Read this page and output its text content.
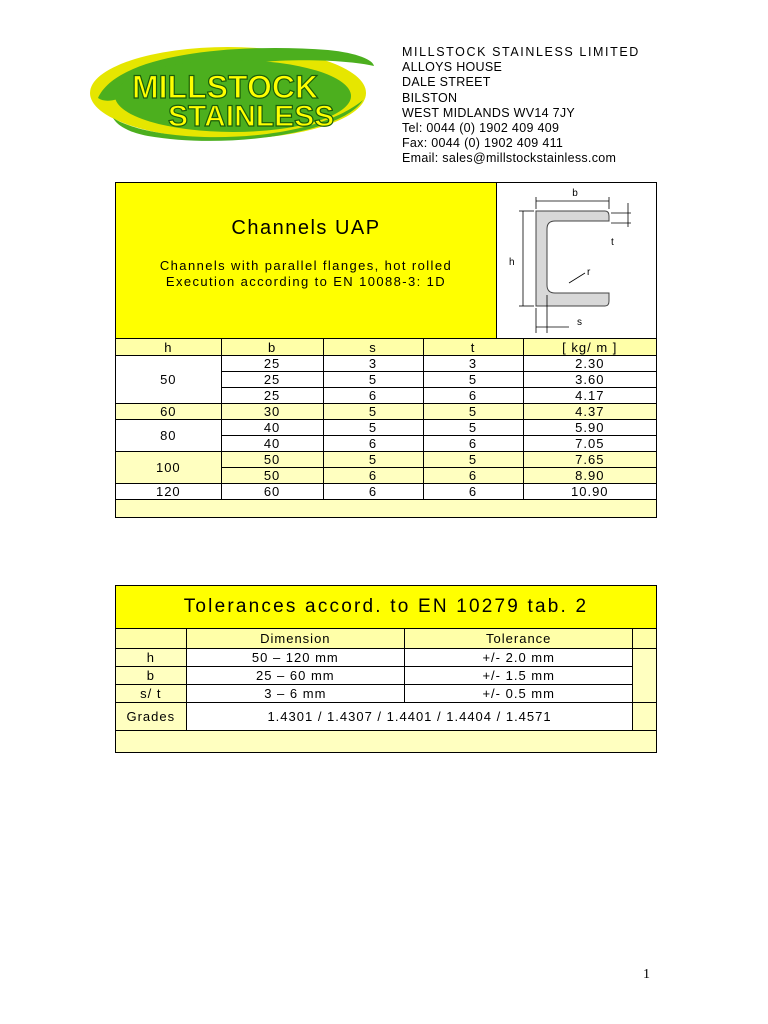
MILLSTOCK
STAINLESS
MILLSTOCK STAINLESS LIMITED
ALLOYS HOUSE
DALE STREET
BILSTON
WEST MIDLANDS WV14 7JY
Tel: 0044 (0) 1902 409 409
Fax: 0044 (0) 1902 409 411
Email: sales@millstockstainless.com
Channels UAP

Channels with parallel flanges, hot rolled

Execution according to EN 10088-3: 1D

b
h
t
r
s
h	b	s	t	[ kg/ m ]
50	25	3	3	2.30
	25	5	5	3.60
	25	6	6	4.17
60	30	5	5	4.37
80	40	5	5	5.90
	40	6	6	7.05
100	50	5	5	7.65
	50	6	6	8.90
120	60	6	6	10.90

Tolerances accord. to EN 10279 tab. 2
	Dimension	Tolerance	
h	50 – 120 mm	+/- 2.0 mm	
b	25 – 60 mm	+/- 1.5 mm	
s/ t	3 – 6 mm	+/- 0.5 mm	
Grades	1.4301 / 1.4307 / 1.4401 / 1.4404 / 1.4571		

1
